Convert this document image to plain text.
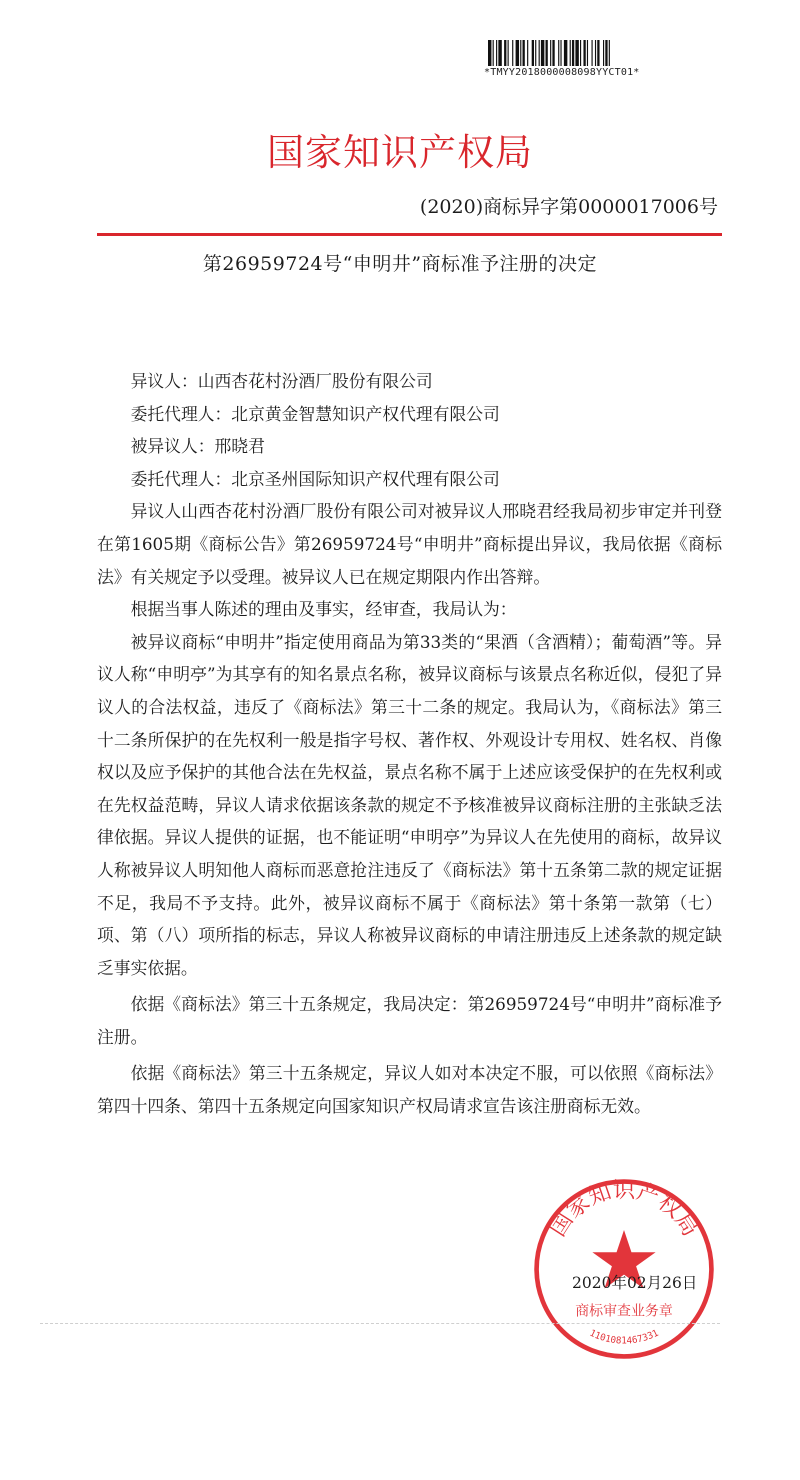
*TMYY2018000008098YYCT01*
国家知识产权局
(2020)商标异字第0000017006号
第26959724号“申明井”商标准予注册的决定

异议人：山西杏花村汾酒厂股份有限公司

委托代理人：北京黄金智慧知识产权代理有限公司

被异议人：邢晓君

委托代理人：北京圣州国际知识产权代理有限公司

异议人山西杏花村汾酒厂股份有限公司对被异议人邢晓君经我局初步审定并刊登在第1605期《商标公告》第26959724号“申明井”商标提出异议，我局依据《商标法》有关规定予以受理。被异议人已在规定期限内作出答辩。

根据当事人陈述的理由及事实，经审查，我局认为：

被异议商标“申明井”指定使用商品为第33类的“果酒（含酒精）；葡萄酒”等。异议人称“申明亭”为其享有的知名景点名称，被异议商标与该景点名称近似，侵犯了异议人的合法权益，违反了《商标法》第三十二条的规定。我局认为，《商标法》第三十二条所保护的在先权利一般是指字号权、著作权、外观设计专用权、姓名权、肖像权以及应予保护的其他合法在先权益，景点名称不属于上述应该受保护的在先权利或在先权益范畴，异议人请求依据该条款的规定不予核准被异议商标注册的主张缺乏法律依据。异议人提供的证据，也不能证明“申明亭”为异议人在先使用的商标，故异议人称被异议人明知他人商标而恶意抢注违反了《商标法》第十五条第二款的规定证据不足，我局不予支持。此外，被异议商标不属于《商标法》第十条第一款第（七）项、第（八）项所指的标志，异议人称被异议商标的申请注册违反上述条款的规定缺乏事实依据。

依据《商标法》第三十五条规定，我局决定：第26959724号“申明井”商标准予注册。

依据《商标法》第三十五条规定，异议人如对本决定不服，可以依照《商标法》第四十四条、第四十五条规定向国家知识产权局请求宣告该注册商标无效。

国家知识产权局
商标审查业务章
1101081467331
2020年02月26日
